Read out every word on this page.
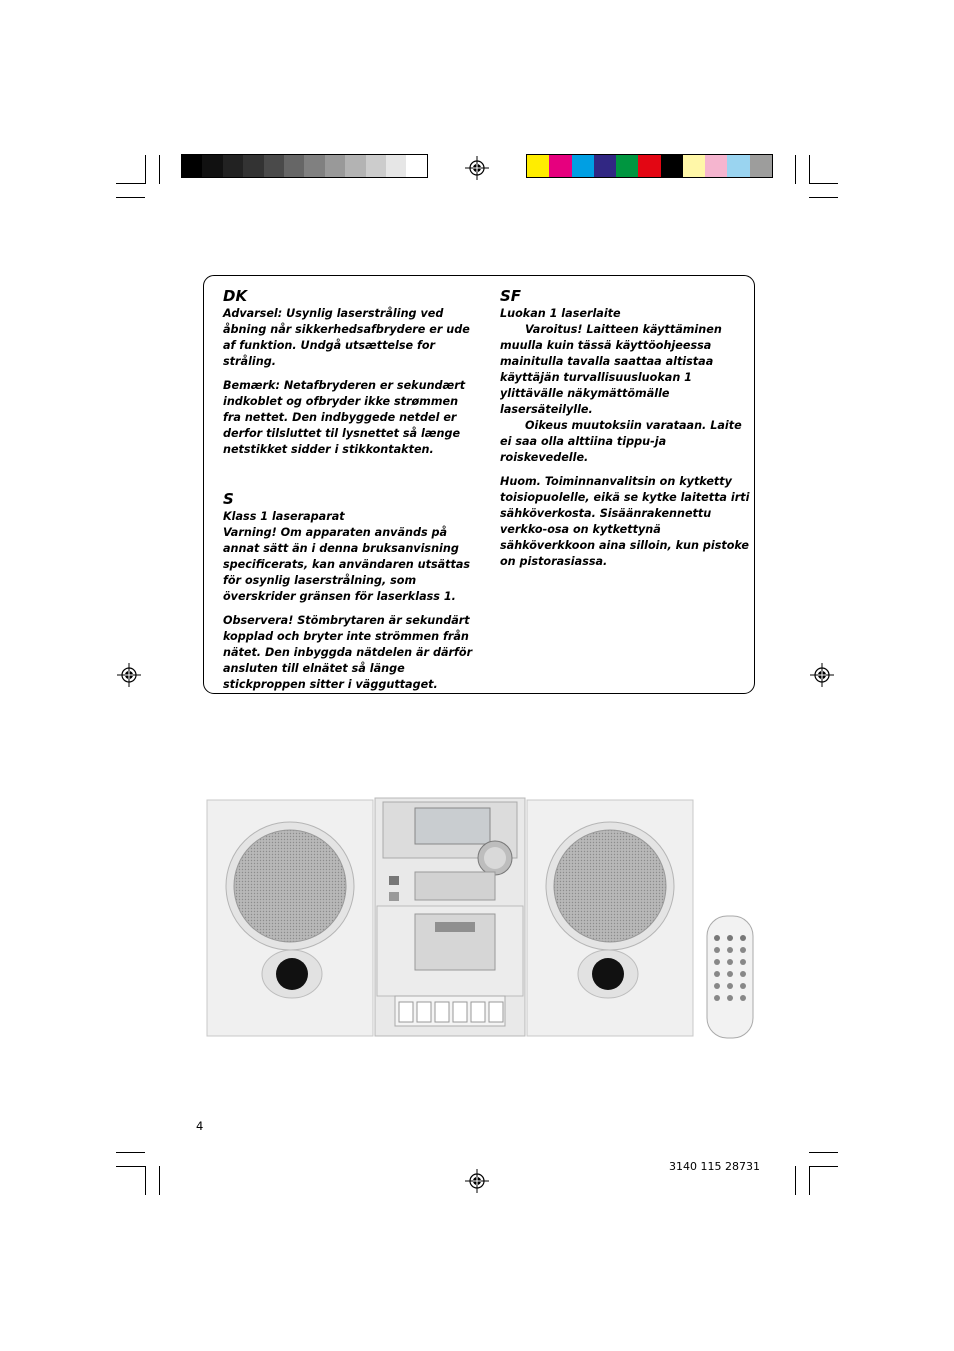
DK

Advarsel: Usynlig laserstråling ved åbning når sikkerhedsafbrydere er ude af funktion. Undgå utsættelse for stråling.

Bemærk: Netafbryderen er sekundært indkoblet og ofbryder ikke strømmen fra nettet. Den indbyggede netdel er derfor tilsluttet til lysnettet så længe netstikket sidder i stikkontakten.

S
Klass 1 laseraparat

Varning! Om apparaten används på annat sätt än i denna bruksanvisning specificerats, kan användaren utsättas för osynlig laserstrålning, som överskrider gränsen för laserklass 1.

Observera! Stömbrytaren är sekundärt kopplad och bryter inte strömmen från nätet. Den inbyggda nätdelen är därför ansluten till elnätet så länge stickproppen sitter i vägguttaget.

SF
Luokan 1 laserlaite
Varoitus! Laitteen käyttäminen muulla kuin tässä käyttöohjeessa mainitulla tavalla saattaa altistaa käyttäjän turvallisuusluokan 1 ylittävälle näkymättömälle lasersäteilylle.
Oikeus muutoksiin varataan. Laite ei saa olla alttiina tippu-ja roiskevedelle.

Huom. Toiminnanvalitsin on kytketty toisiopuolelle, eikä se kytke laitetta irti sähköverkosta. Sisäänrakennettu verkko-osa on kytkettynä sähköverkkoon aina silloin, kun pistoke on pistorasiassa.

4
3140 115 28731
